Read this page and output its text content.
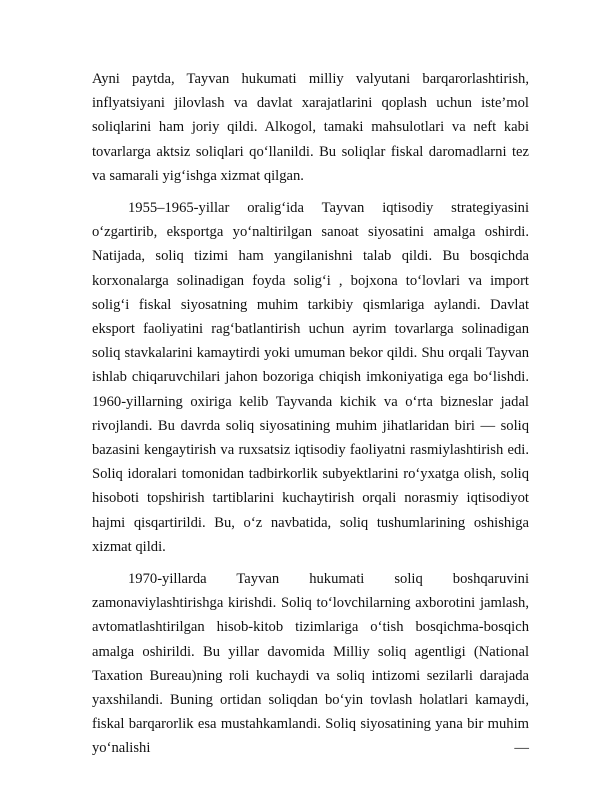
Ayni paytda, Tayvan hukumati milliy valyutani barqarorlashtirish, inflyatsiyani jilovlash va davlat xarajatlarini qoplash uchun iste’mol soliqlarini ham joriy qildi. Alkogol, tamaki mahsulotlari va neft kabi tovarlarga aktsiz soliqlari qo‘llanildi. Bu soliqlar fiskal daromadlarni tez va samarali yig‘ishga xizmat qilgan.

1955–1965-yillar oralig‘ida Tayvan iqtisodiy strategiyasini o‘zgartirib, eksportga yo‘naltirilgan sanoat siyosatini amalga oshirdi. Natijada, soliq tizimi ham yangilanishni talab qildi. Bu bosqichda korxonalarga solinadigan foyda solig‘i , bojxona to‘lovlari va import solig‘i fiskal siyosatning muhim tarkibiy qismlariga aylandi. Davlat eksport faoliyatini rag‘batlantirish uchun ayrim tovarlarga solinadigan soliq stavkalarini kamaytirdi yoki umuman bekor qildi. Shu orqali Tayvan ishlab chiqaruvchilari jahon bozoriga chiqish imkoniyatiga ega bo‘lishdi. 1960-yillarning oxiriga kelib Tayvanda kichik va o‘rta bizneslar jadal rivojlandi. Bu davrda soliq siyosatining muhim jihatlaridan biri — soliq bazasini kengaytirish va ruxsatsiz iqtisodiy faoliyatni rasmiylashtirish edi. Soliq idoralari tomonidan tadbirkorlik subyektlarini ro‘yxatga olish, soliq hisoboti topshirish tartiblarini kuchaytirish orqali norasmiy iqtisodiyot hajmi qisqartirildi. Bu, o‘z navbatida, soliq tushumlarining oshishiga xizmat qildi.

1970-yillarda Tayvan hukumati soliq boshqaruvini zamonaviylashtirishga kirishdi. Soliq to‘lovchilarning axborotini jamlash, avtomatlashtirilgan hisob-kitob tizimlariga o‘tish bosqichma-bosqich amalga oshirildi. Bu yillar davomida Milliy soliq agentligi (National Taxation Bureau)ning roli kuchaydi va soliq intizomi sezilarli darajada yaxshilandi. Buning ortidan soliqdan bo‘yin tovlash holatlari kamaydi, fiskal barqarorlik esa mustahkamlandi. Soliq siyosatining yana bir muhim yo‘nalishi —
